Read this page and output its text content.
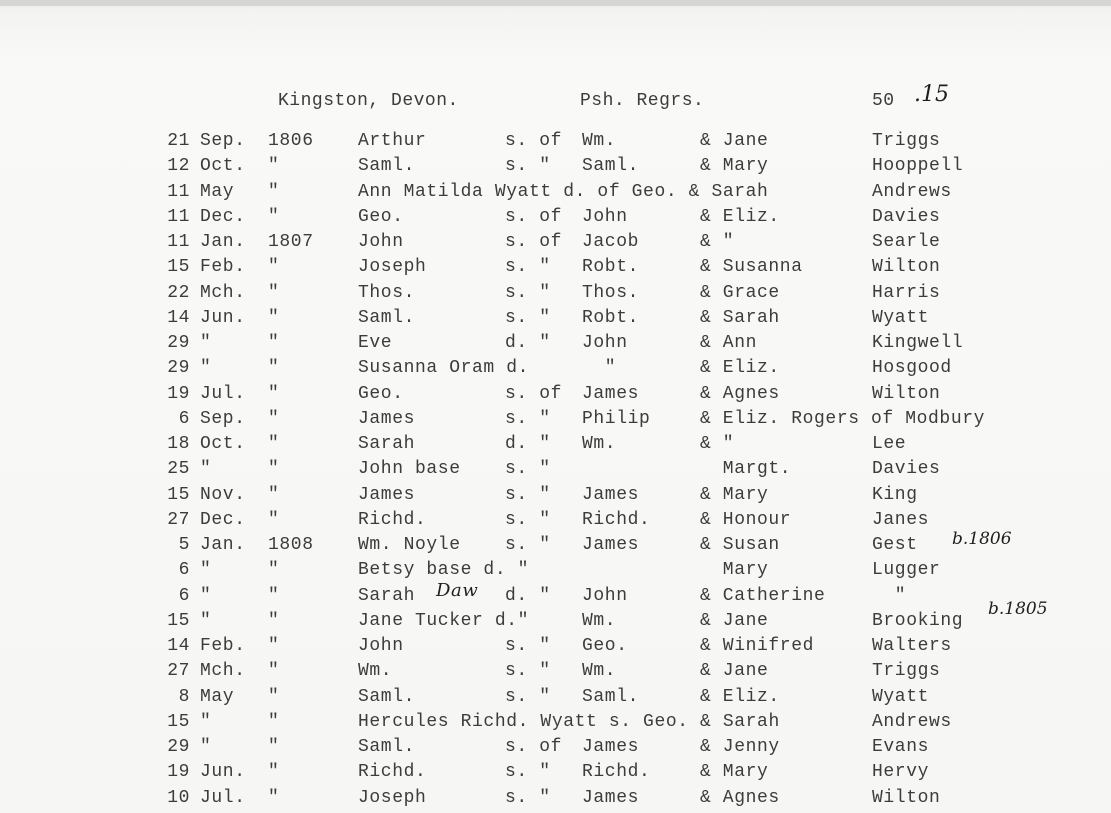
Kingston, Devon.	Psh. Regrs.	50 .15
21 Sep. 1806 Arthur	s. of Wm.	& Jane	Triggs
12 Oct. "	Saml.	s. " Saml.	& Mary	Hooppell
11 May "	Ann Matilda Wyatt d. of Geo. & Sarah	Andrews
11 Dec. "	Geo.	s. of John	& Eliz.	Davies
11 Jan. 1807 John	s. of Jacob	& "	Searle
15 Feb. "	Joseph	s. " Robt.	& Susanna	Wilton
22 Mch. "	Thos.	s. " Thos.	& Grace	Harris
14 Jun. "	Saml.	s. " Robt.	& Sarah	Wyatt
29 "	"	Eve	d. " John	& Ann	Kingwell
29 "	"	Susanna Oram d.	"	& Eliz.	Hosgood
19 Jul. "	Geo.	s. of James	& Agnes	Wilton
6 Sep. "	James	s. " Philip	& Eliz. Rogers of Modbury
18 Oct. "	Sarah	d. " Wm.	& "	Lee
25 "	"	John base s. "	Margt.	Davies
15 Nov. "	James	s. " James	& Mary	King
27 Dec. "	Richd.	s. " Richd.	& Honour	Janes
5 Jan. 1808 Wm. Noyle s. " James	& Susan	Gest b.1806
6 "	"	Betsy base d. "	Mary	Lugger
6 "	"	Sarah	d. " John	& Catherine	"
Daw
15 "	"	Jane Tucker d."	Wm.	& Jane	Brooking
b.1805
14 Feb. "	John	s. " Geo.	& Winifred	Walters
27 Mch. "	Wm.	s. " Wm.	& Jane	Triggs
8 May "	Saml.	s. " Saml.	& Eliz.	Wyatt
15 "	"	Hercules Richd. Wyatt s. Geo. & Sarah	Andrews
29 "	"	Saml.	s. of James	& Jenny	Evans
19 Jun. "	Richd.	s. " Richd.	& Mary	Hervy
10 Jul. "	Joseph	s. " James	& Agnes	Wilton
